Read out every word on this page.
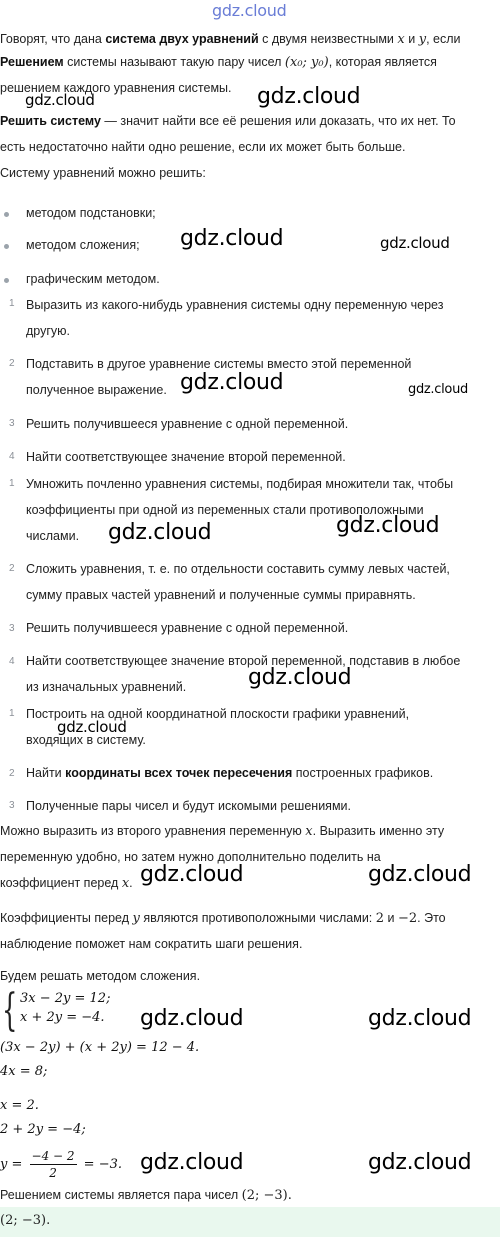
gdz.cloud
Говорят, что дана система двух уравнений с двумя неизвестными x и y, если
Решением системы называют такую пару чисел (x₀; y₀), которая является
решением каждого уравнения системы.
gdz.cloud	gdz.cloud
Решить систему — значит найти все её решения или доказать, что их нет. То
есть недостаточно найти одно решение, если их может быть больше.
Систему уравнений можно решить:
методом подстановки;
методом сложения;
графическим методом.
gdz.cloud	gdz.cloud
1 Выразить из какого-нибудь уравнения системы одну переменную через
другую.
2 Подставить в другое уравнение системы вместо этой переменной
полученное выражение.
3 Решить получившееся уравнение с одной переменной.
4 Найти соответствующее значение второй переменной.
gdz.cloud	gdz.cloud
1 Умножить почленно уравнения системы, подбирая множители так, чтобы
коэффициенты при одной из переменных стали противоположными
числами.
2 Сложить уравнения, т. е. по отдельности составить сумму левых частей,
сумму правых частей уравнений и полученные суммы приравнять.
3 Решить получившееся уравнение с одной переменной.
4 Найти соответствующее значение второй переменной, подставив в любое
из изначальных уравнений.
gdz.cloud	gdz.cloud
gdz.cloud
1 Построить на одной координатной плоскости графики уравнений,
входящих в систему.
2 Найти координаты всех точек пересечения построенных графиков.
3 Полученные пары чисел и будут искомыми решениями.
gdz.cloud
Можно выразить из второго уравнения переменную x. Выразить именно эту
переменную удобно, но затем нужно дополнительно поделить на
коэффициент перед x. gdz.cloud	gdz.cloud
Коэффициенты перед y являются противоположными числами: 2 и −2. Это
наблюдение поможет нам сократить шаги решения.
Будем решать методом сложения.
{ 3x − 2y = 12;
x + 2y = −4. gdz.cloud	gdz.cloud
(3x − 2y) + (x + 2y) = 12 − 4.
4x = 8;
x = 2.
2 + 2y = −4;
$y = \frac{-4 - 2}{2} = -3$. gdz.cloud	gdz.cloud
Решением системы является пара чисел (2; −3).
(2; −3).
